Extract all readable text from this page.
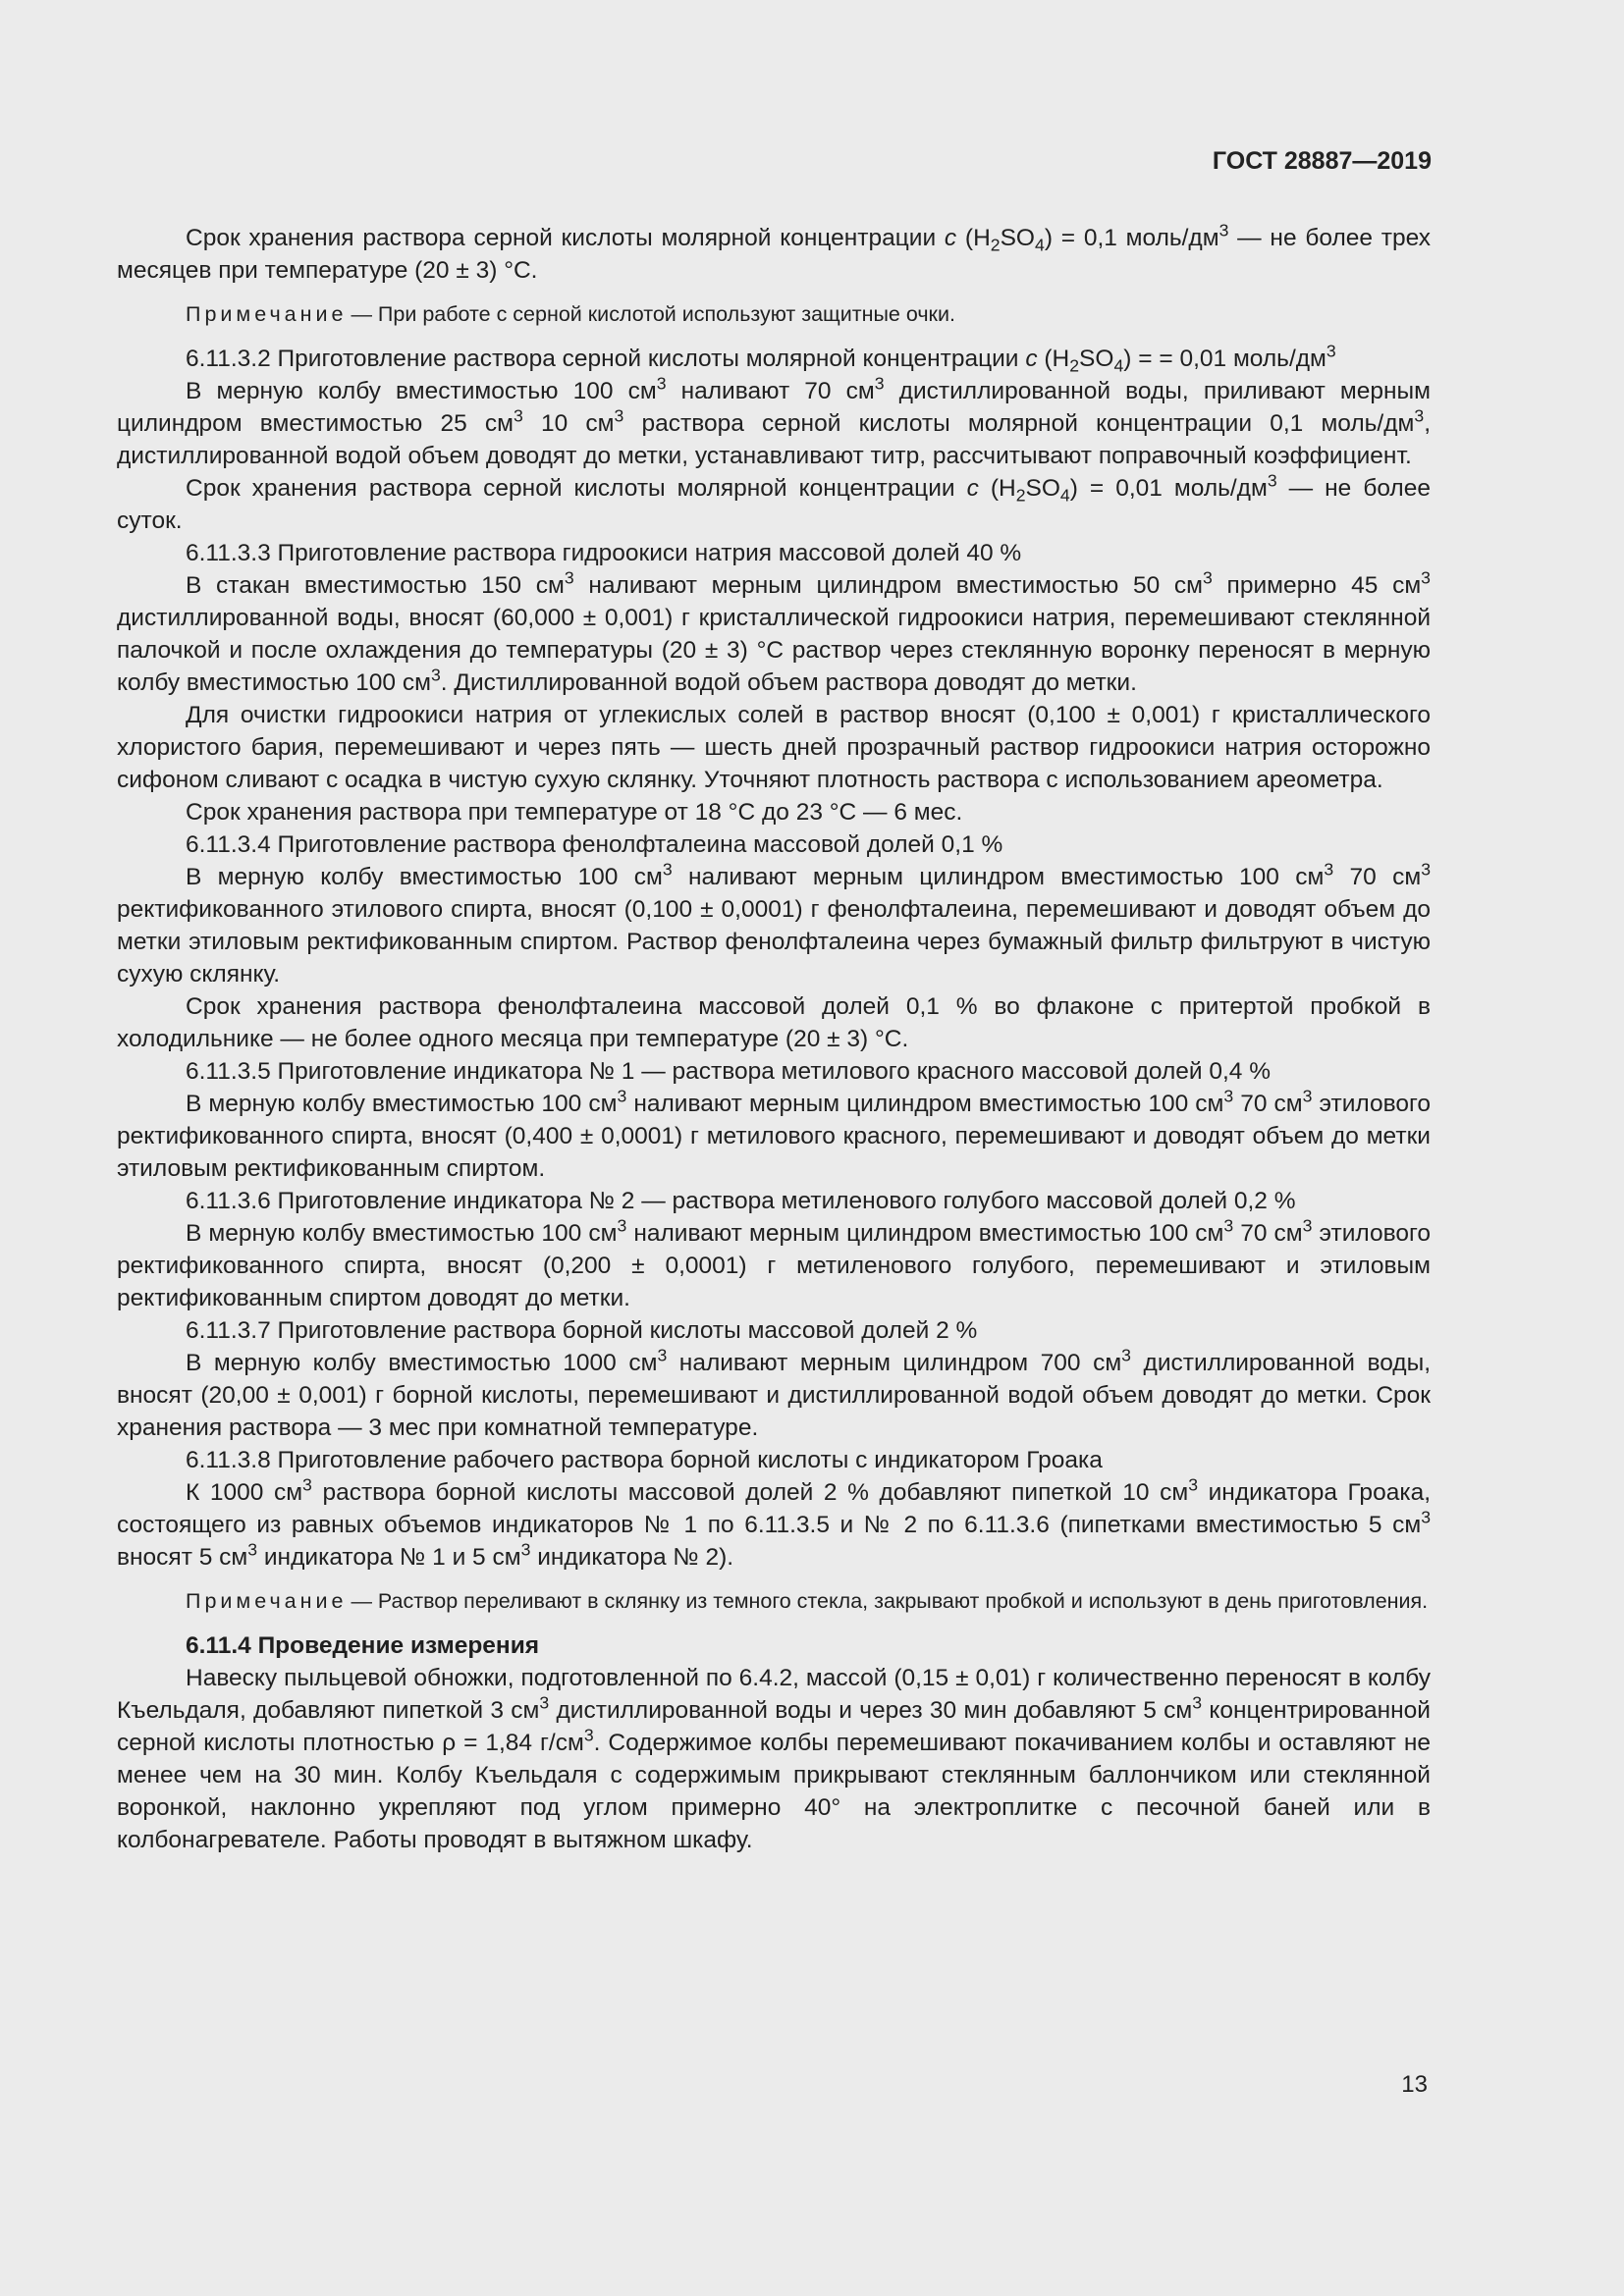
ГОСТ 28887—2019

Срок хранения раствора серной кислоты молярной концентрации c $(H_2SO_4) = 0,1$ моль/$дм^3$ — не более трех месяцев при температуре (20 ± 3) °С.

Примечание — При работе с серной кислотой используют защитные очки.

6.11.3.2 Приготовление раствора серной кислоты молярной концентрации c $(H_2SO_4)$ = = 0,01 моль/$дм^3$

В мерную колбу вместимостью 100 $см^3$ наливают 70 $см^3$ дистиллированной воды, приливают мерным цилиндром вместимостью 25 $см^3$ 10 $см^3$ раствора серной кислоты молярной концентрации 0,1 моль/$дм^3$, дистиллированной водой объем доводят до метки, устанавливают титр, рассчитывают поправочный коэффициент.

Срок хранения раствора серной кислоты молярной концентрации c $(H_2SO_4) = 0,01$ моль/$дм^3$ — не более суток.

6.11.3.3 Приготовление раствора гидроокиси натрия массовой долей 40 %

В стакан вместимостью 150 $см^3$ наливают мерным цилиндром вместимостью 50 $см^3$ примерно 45 $см^3$ дистиллированной воды, вносят (60,000 ± 0,001) г кристаллической гидроокиси натрия, перемешивают стеклянной палочкой и после охлаждения до температуры (20 ± 3) °С раствор через стеклянную воронку переносят в мерную колбу вместимостью 100 $см^3$. Дистиллированной водой объем раствора доводят до метки.

Для очистки гидроокиси натрия от углекислых солей в раствор вносят (0,100 ± 0,001) г кристаллического хлористого бария, перемешивают и через пять — шесть дней прозрачный раствор гидроокиси натрия осторожно сифоном сливают с осадка в чистую сухую склянку. Уточняют плотность раствора с использованием ареометра.

Срок хранения раствора при температуре от 18 °С до 23 °С — 6 мес.

6.11.3.4 Приготовление раствора фенолфталеина массовой долей 0,1 %

В мерную колбу вместимостью 100 $см^3$ наливают мерным цилиндром вместимостью 100 $см^3$ 70 $см^3$ ректификованного этилового спирта, вносят (0,100 ± 0,0001) г фенолфталеина, перемешивают и доводят объем до метки этиловым ректификованным спиртом. Раствор фенолфталеина через бумажный фильтр фильтруют в чистую сухую склянку.

Срок хранения раствора фенолфталеина массовой долей 0,1 % во флаконе с притертой пробкой в холодильнике — не более одного месяца при температуре (20 ± 3) °С.

6.11.3.5 Приготовление индикатора № 1 — раствора метилового красного массовой долей 0,4 %

В мерную колбу вместимостью 100 $см^3$ наливают мерным цилиндром вместимостью 100 $см^3$ 70 $см^3$ этилового ректификованного спирта, вносят (0,400 ± 0,0001) г метилового красного, перемешивают и доводят объем до метки этиловым ректификованным спиртом.

6.11.3.6 Приготовление индикатора № 2 — раствора метиленового голубого массовой долей 0,2 %

В мерную колбу вместимостью 100 $см^3$ наливают мерным цилиндром вместимостью 100 $см^3$ 70 $см^3$ этилового ректификованного спирта, вносят (0,200 ± 0,0001) г метиленового голубого, перемешивают и этиловым ректификованным спиртом доводят до метки.

6.11.3.7 Приготовление раствора борной кислоты массовой долей 2 %

В мерную колбу вместимостью 1000 $см^3$ наливают мерным цилиндром 700 $см^3$ дистиллированной воды, вносят (20,00 ± 0,001) г борной кислоты, перемешивают и дистиллированной водой объем доводят до метки. Срок хранения раствора — 3 мес при комнатной температуре.

6.11.3.8 Приготовление рабочего раствора борной кислоты с индикатором Гроака

К 1000 $см^3$ раствора борной кислоты массовой долей 2 % добавляют пипеткой 10 $см^3$ индикатора Гроака, состоящего из равных объемов индикаторов № 1 по 6.11.3.5 и № 2 по 6.11.3.6 (пипетками вместимостью 5 $см^3$ вносят 5 $см^3$ индикатора № 1 и 5 $см^3$ индикатора № 2).

Примечание — Раствор переливают в склянку из темного стекла, закрывают пробкой и используют в день приготовления.

6.11.4 Проведение измерения

Навеску пыльцевой обножки, подготовленной по 6.4.2, массой (0,15 ± 0,01) г количественно переносят в колбу Къельдаля, добавляют пипеткой 3 $см^3$ дистиллированной воды и через 30 мин добавляют 5 $см^3$ концентрированной серной кислоты плотностью ρ = 1,84 $г/см^3$. Содержимое колбы перемешивают покачиванием колбы и оставляют не менее чем на 30 мин. Колбу Къельдаля с содержимым прикрывают стеклянным баллончиком или стеклянной воронкой, наклонно укрепляют под углом примерно 40° на электроплитке с песочной баней или в колбонагревателе. Работы проводят в вытяжном шкафу.

13
